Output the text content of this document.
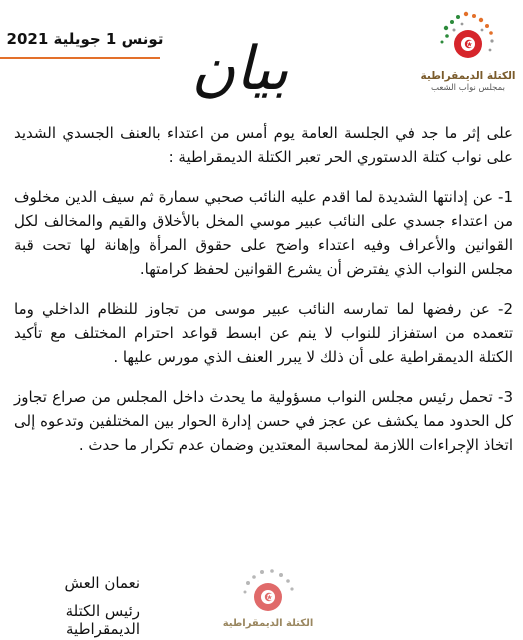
تونس 1 جويلية 2021 بيان	الكتلة الديمقراطية
بمجلس نواب الشعب

على إثر ما جد في الجلسة العامة يوم أمس من اعتداء بالعنف الجسدي الشديد على نواب كتلة الدستوري الحر تعبر الكتلة الديمقراطية :

1- عن إدانتها الشديدة لما اقدم عليه النائب صحبي سمارة ثم سيف الدين مخلوف من اعتداء جسدي على النائب عبير موسي المخل بالأخلاق والقيم والمخالف لكل القوانين والأعراف وفيه اعتداء واضح على حقوق المرأة وإهانة لها تحت قبة مجلس النواب الذي يفترض أن يشرع القوانين لحفظ كرامتها.

2- عن رفضها لما تمارسه النائب عبير موسى من تجاوز للنظام الداخلي وما تتعمده من استفزاز للنواب لا ينم عن ابسط قواعد احترام المختلف مع تأكيد الكتلة الديمقراطية على أن ذلك لا يبرر العنف الذي مورس عليها .

3- تحمل رئيس مجلس النواب مسؤولية ما يحدث داخل المجلس من صراع تجاوز كل الحدود مما يكشف عن عجز في حسن إدارة الحوار بين المختلفين وتدعوه إلى اتخاذ الإجراءات اللازمة لمحاسبة المعتدين وضمان عدم تكرار ما حدث .

نعمان العش
رئيس الكتلة الديمقراطية	الكتلة الديمقراطية
